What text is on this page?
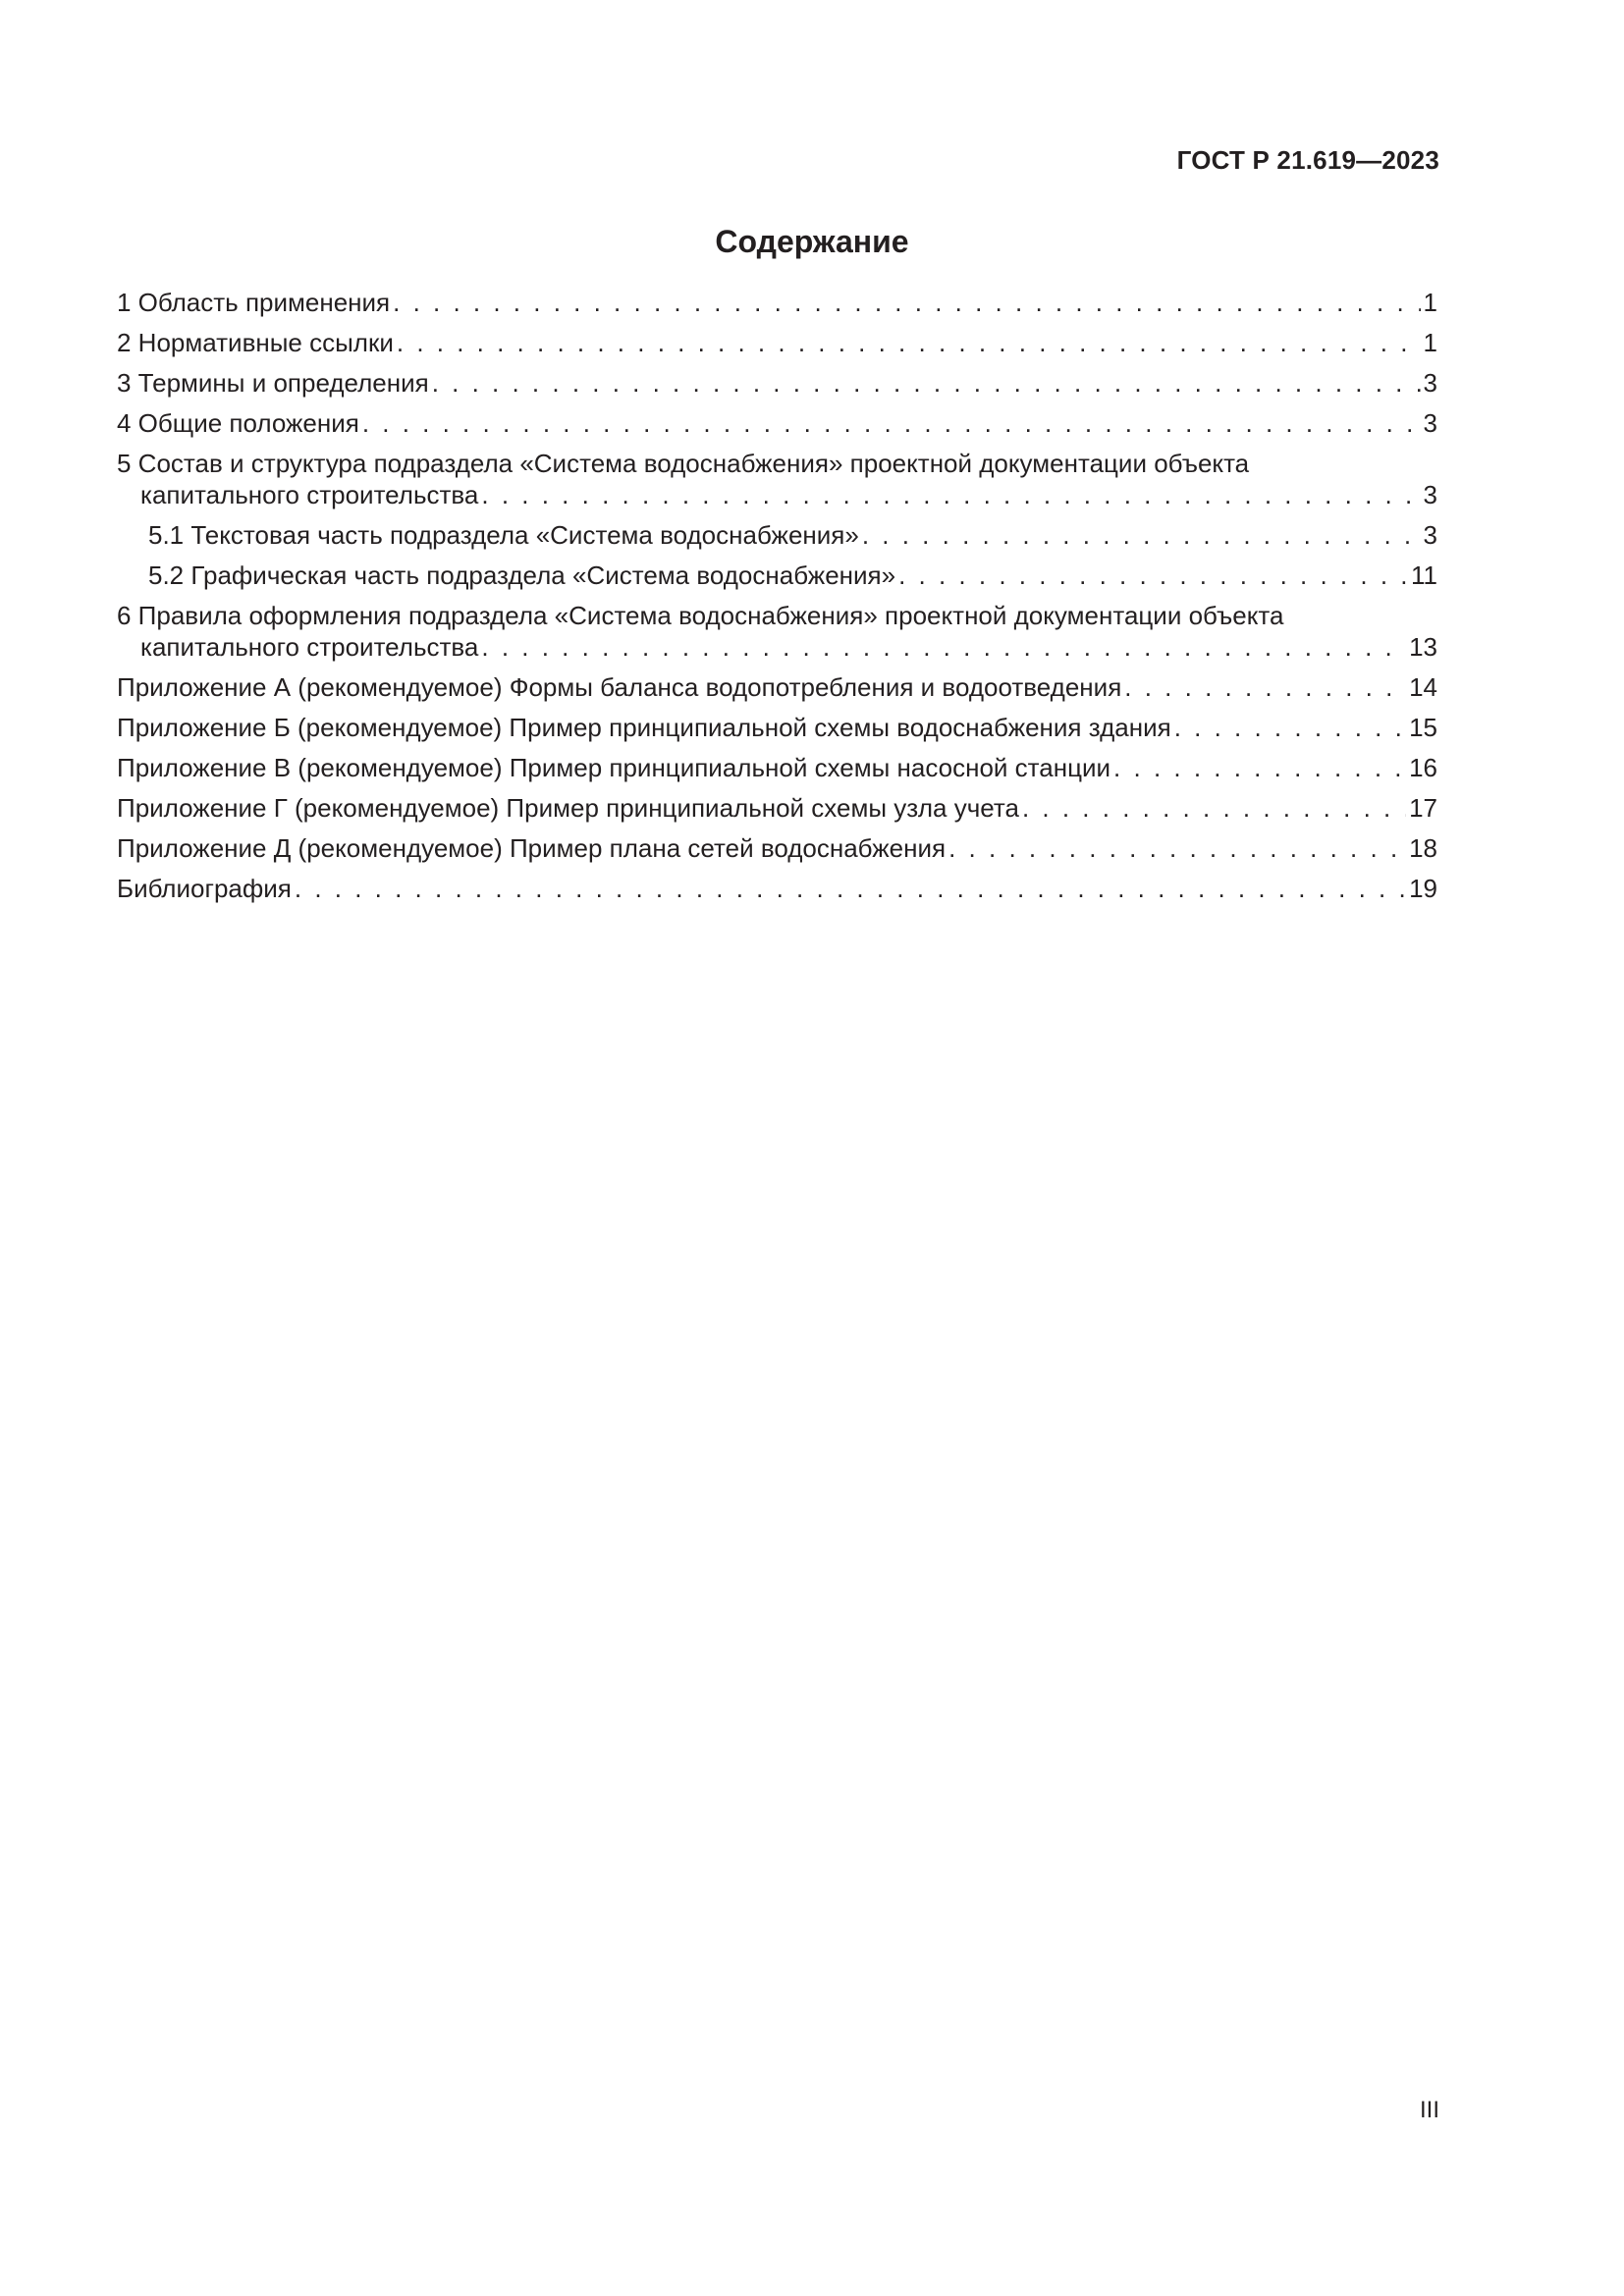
ГОСТ Р 21.619—2023
Содержание
1 Область применения . . .	1
2 Нормативные ссылки . . .	1
3 Термины и определения . . .	3
4 Общие положения . . .	3
5 Состав и структура подраздела «Система водоснабжения» проектной документации объекта
капитального строительства . . .	3
5.1 Текстовая часть подраздела «Система водоснабжения» . . .	3
5.2 Графическая часть подраздела «Система водоснабжения» . . .	11
6 Правила оформления подраздела «Система водоснабжения» проектной документации объекта
капитального строительства . . .	13
Приложение А (рекомендуемое) Формы баланса водопотребления и водоотведения . . .	14
Приложение Б (рекомендуемое) Пример принципиальной схемы водоснабжения здания . . .	15
Приложение В (рекомендуемое) Пример принципиальной схемы насосной станции . . .	16
Приложение Г (рекомендуемое) Пример принципиальной схемы узла учета . . .	17
Приложение Д (рекомендуемое) Пример плана сетей водоснабжения . . .	18
Библиография . . .	19
III
